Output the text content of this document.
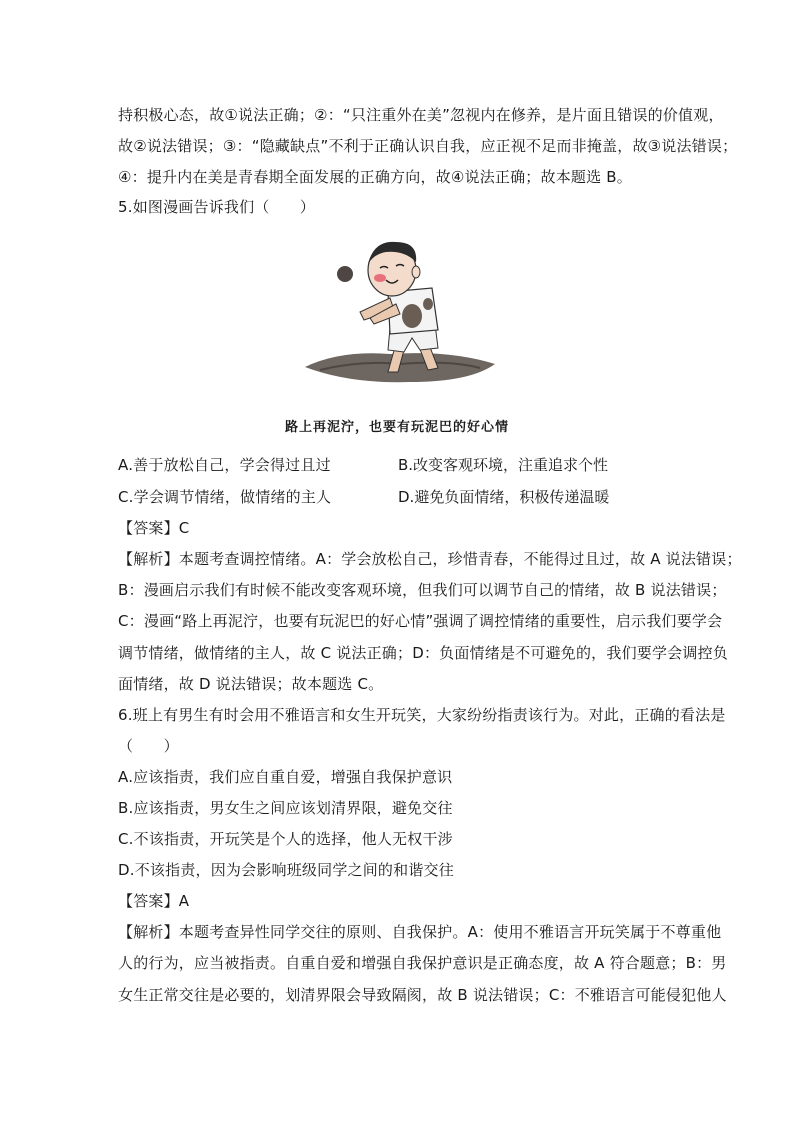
持积极心态，故①说法正确；②：“只注重外在美”忽视内在修养，是片面且错误的价值观，
故②说法错误；③：“隐藏缺点”不利于正确认识自我，应正视不足而非掩盖，故③说法错误；
④：提升内在美是青春期全面发展的正确方向，故④说法正确；故本题选 B。
5.如图漫画告诉我们（　　）
路上再泥泞，也要有玩泥巴的好心情
A.善于放松自己，学会得过且过	B.改变客观环境，注重追求个性
C.学会调节情绪，做情绪的主人	D.避免负面情绪，积极传递温暖
【答案】C
【解析】本题考查调控情绪。A：学会放松自己，珍惜青春，不能得过且过，故 A 说法错误；
B：漫画启示我们有时候不能改变客观环境，但我们可以调节自己的情绪，故 B 说法错误；
C：漫画“路上再泥泞，也要有玩泥巴的好心情”强调了调控情绪的重要性，启示我们要学会
调节情绪，做情绪的主人，故 C 说法正确；D：负面情绪是不可避免的，我们要学会调控负
面情绪，故 D 说法错误；故本题选 C。
6.班上有男生有时会用不雅语言和女生开玩笑，大家纷纷指责该行为。对此，正确的看法是
（　　）
A.应该指责，我们应自重自爱，增强自我保护意识
B.应该指责，男女生之间应该划清界限，避免交往
C.不该指责，开玩笑是个人的选择，他人无权干涉
D.不该指责，因为会影响班级同学之间的和谐交往
【答案】A
【解析】本题考查异性同学交往的原则、自我保护。A：使用不雅语言开玩笑属于不尊重他
人的行为，应当被指责。自重自爱和增强自我保护意识是正确态度，故 A 符合题意；B：男
女生正常交往是必要的，划清界限会导致隔阂，故 B 说法错误；C：不雅语言可能侵犯他人
